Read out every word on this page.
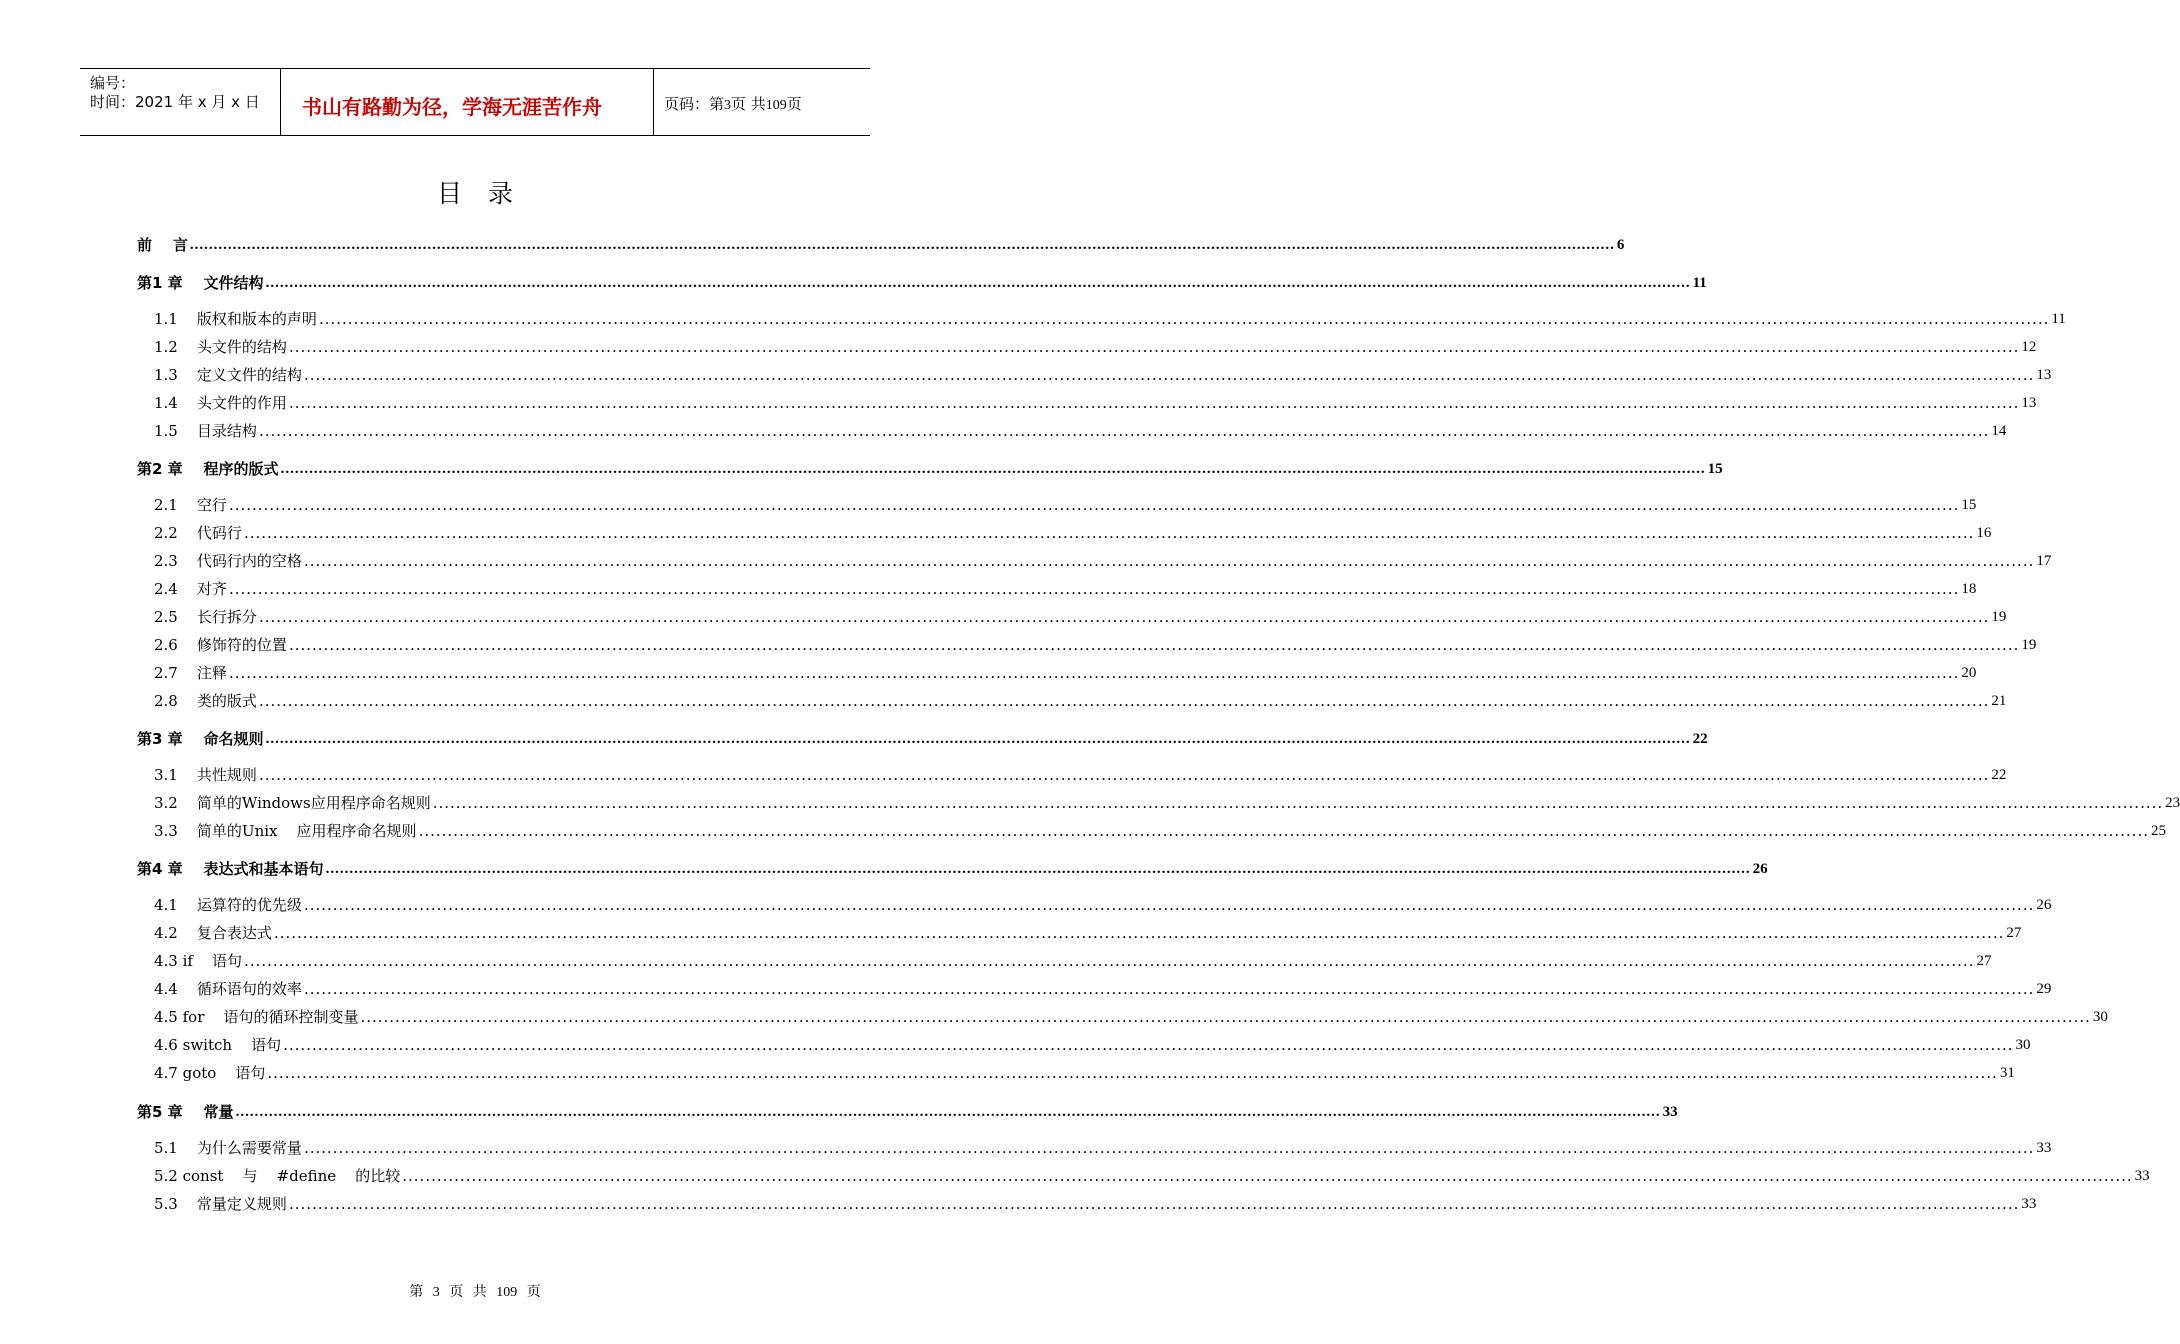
编号：
时间：2021 年 x 月 x 日 书山有路勤为径，学海无涯苦作舟	页码：第3页 共109页
目录
前    言 ............................................................................................................................................................................................................................................................................................................ 6
第1 章    文件结构 ............................................................................................................................................................................................................................................................................................................ 11
1.1    版权和版本的声明 ............................................................................................................................................................................................................................................................................................................ 11
1.2    头文件的结构 ............................................................................................................................................................................................................................................................................................................ 12
1.3    定义文件的结构 ............................................................................................................................................................................................................................................................................................................ 13
1.4    头文件的作用 ............................................................................................................................................................................................................................................................................................................ 13
1.5    目录结构 ............................................................................................................................................................................................................................................................................................................ 14
第2 章    程序的版式 ............................................................................................................................................................................................................................................................................................................ 15
2.1    空行 ............................................................................................................................................................................................................................................................................................................ 15
2.2    代码行 ............................................................................................................................................................................................................................................................................................................ 16
2.3    代码行内的空格 ............................................................................................................................................................................................................................................................................................................ 17
2.4    对齐 ............................................................................................................................................................................................................................................................................................................ 18
2.5    长行拆分 ............................................................................................................................................................................................................................................................................................................ 19
2.6    修饰符的位置 ............................................................................................................................................................................................................................................................................................................ 19
2.7    注释 ............................................................................................................................................................................................................................................................................................................ 20
2.8    类的版式 ............................................................................................................................................................................................................................................................................................................ 21
第3 章    命名规则 ............................................................................................................................................................................................................................................................................................................ 22
3.1    共性规则 ............................................................................................................................................................................................................................................................................................................ 22
3.2    简单的Windows应用程序命名规则 ............................................................................................................................................................................................................................................................................................................ 23
3.3    简单的Unix    应用程序命名规则 ............................................................................................................................................................................................................................................................................................................ 25
第4 章    表达式和基本语句 ............................................................................................................................................................................................................................................................................................................ 26
4.1    运算符的优先级 ............................................................................................................................................................................................................................................................................................................ 26
4.2    复合表达式 ............................................................................................................................................................................................................................................................................................................ 27
4.3 if    语句 ............................................................................................................................................................................................................................................................................................................ 27
4.4    循环语句的效率 ............................................................................................................................................................................................................................................................................................................ 29
4.5 for    语句的循环控制变量 ............................................................................................................................................................................................................................................................................................................ 30
4.6 switch    语句 ............................................................................................................................................................................................................................................................................................................ 30
4.7 goto    语句 ............................................................................................................................................................................................................................................................................................................ 31
第5 章    常量 ............................................................................................................................................................................................................................................................................................................ 33
5.1    为什么需要常量 ............................................................................................................................................................................................................................................................................................................ 33
5.2 const    与    #define    的比较 ............................................................................................................................................................................................................................................................................................................ 33
5.3    常量定义规则 ............................................................................................................................................................................................................................................................................................................ 33
第 3 页 共 109 页
